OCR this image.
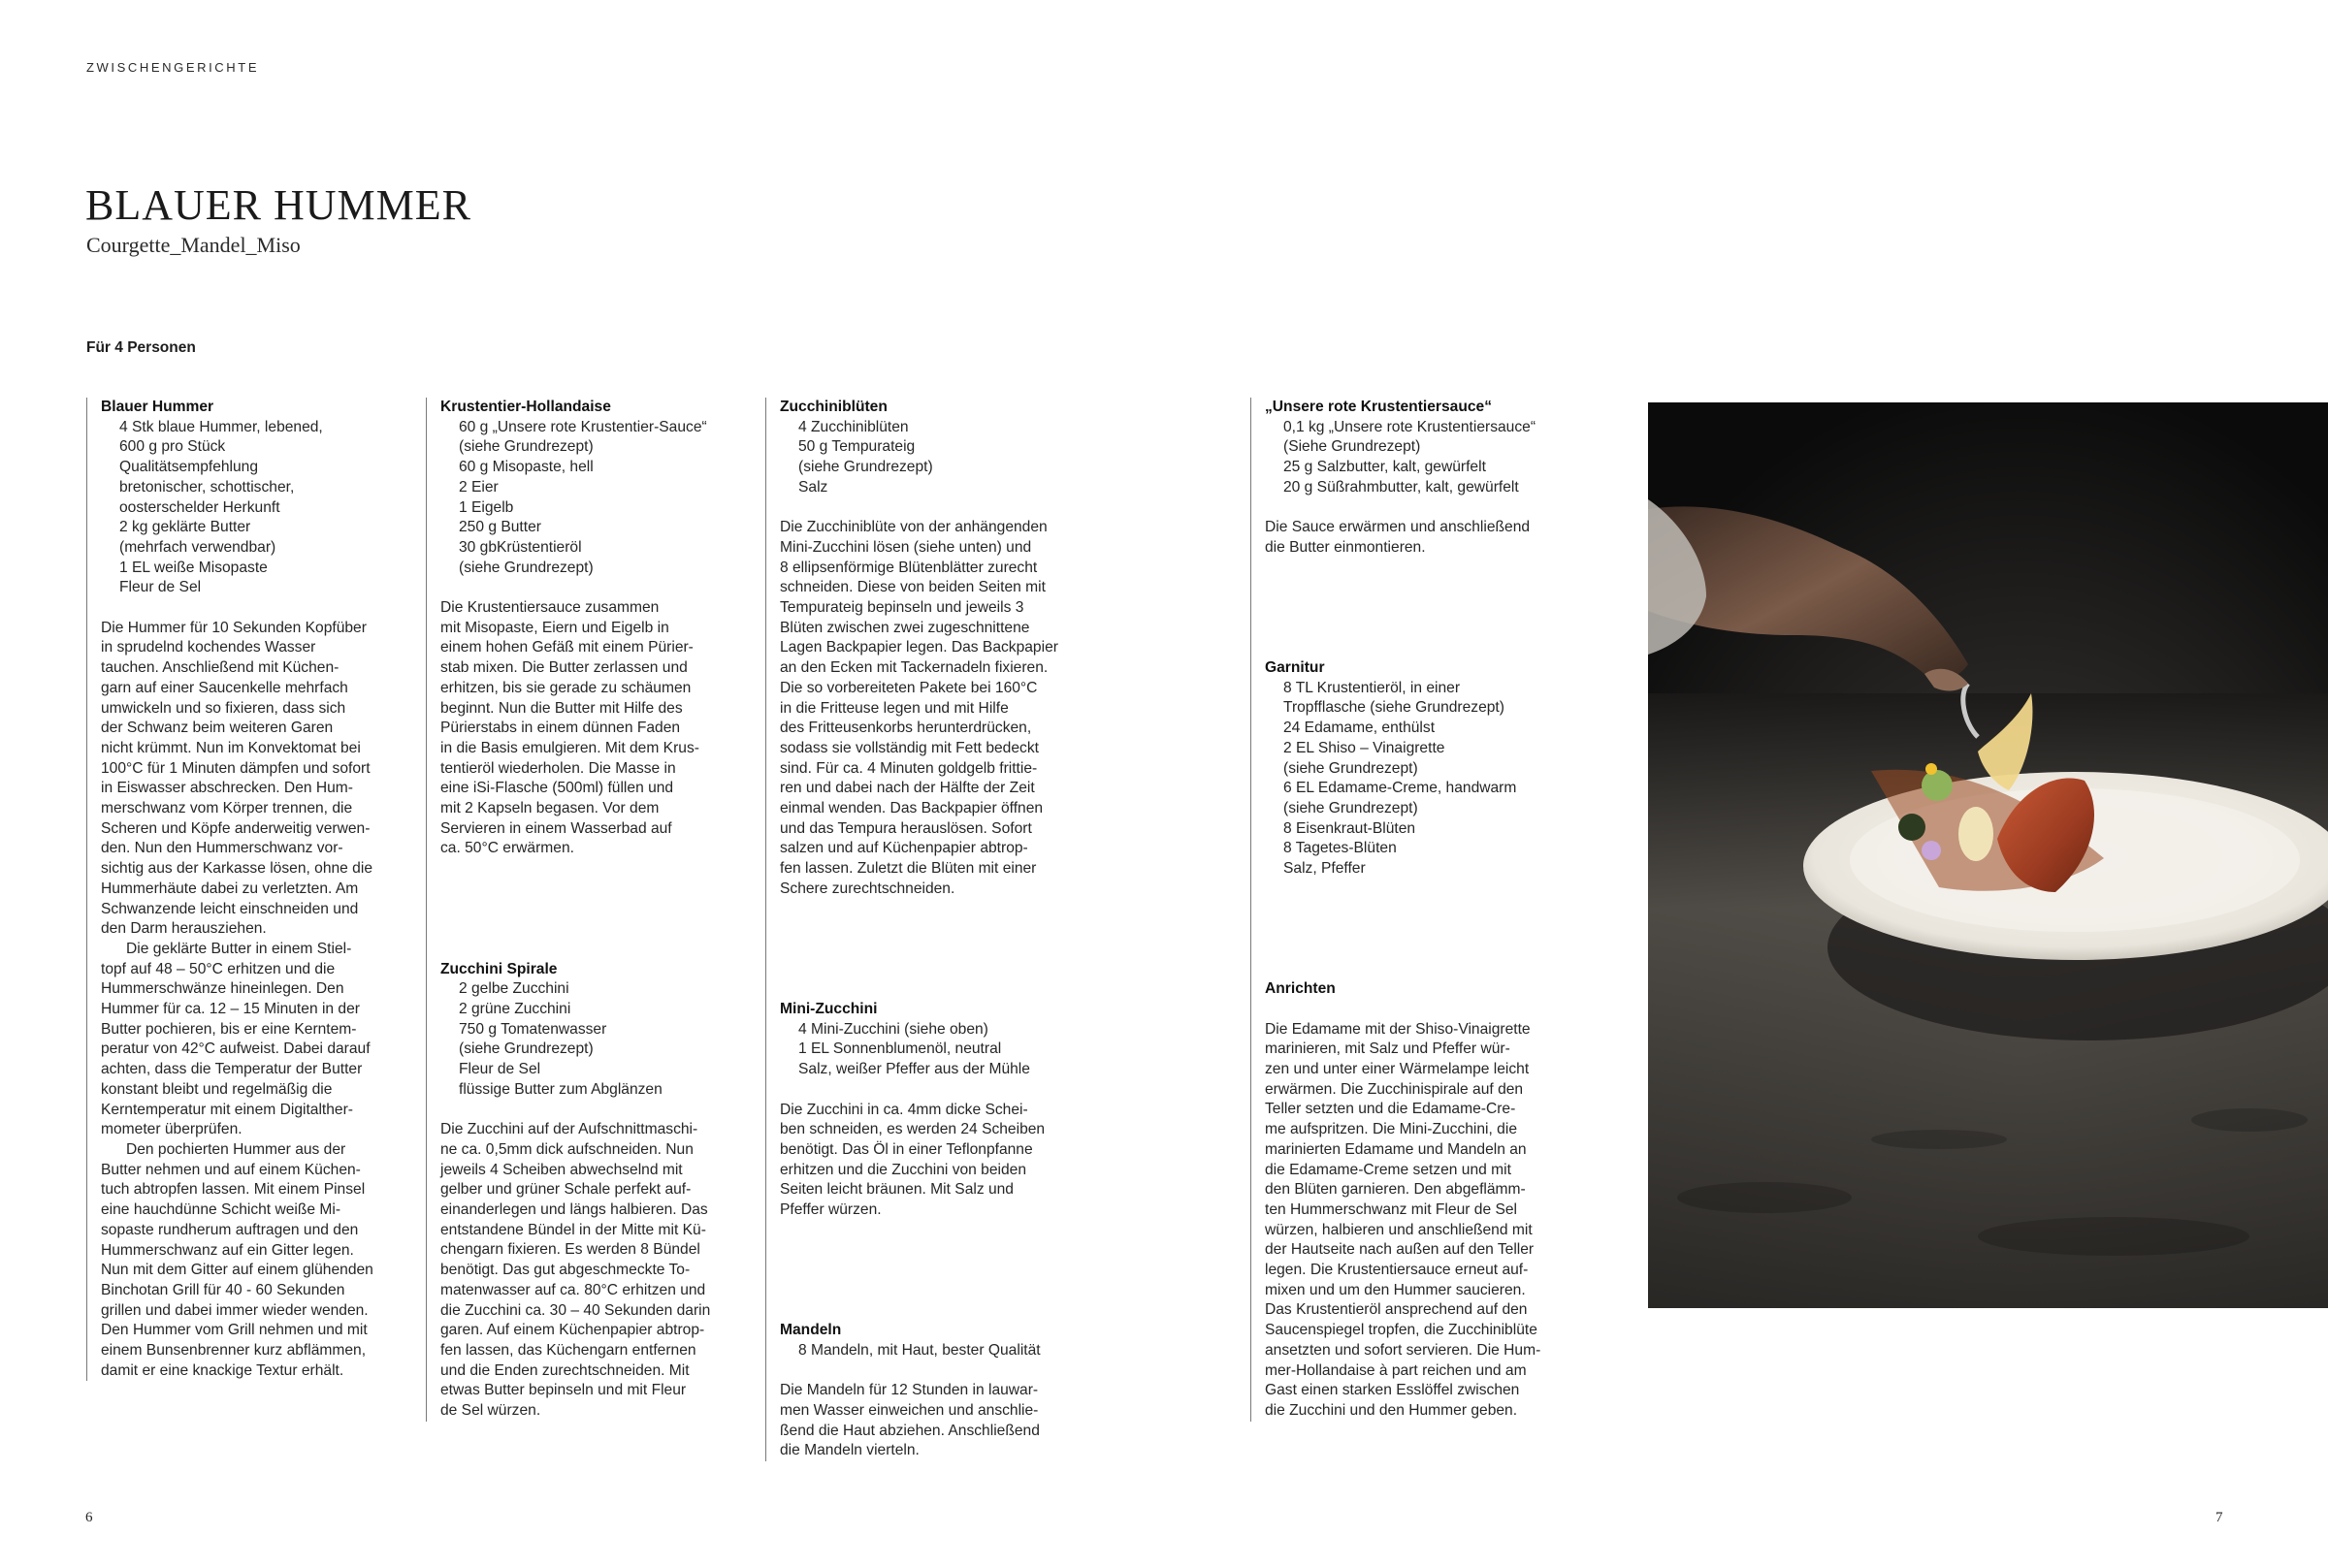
ZWISCHENGERICHTE
BLAUER HUMMER
Courgette_Mandel_Miso
Für 4 Personen
Blauer Hummer
4 Stk blaue Hummer, lebened,
600 g pro Stück
Qualitätsempfehlung
bretonischer, schottischer,
oosterschelder Herkunft
2 kg geklärte Butter
(mehrfach verwendbar)
1 EL weiße Misopaste
Fleur de Sel
Die Hummer für 10 Sekunden Kopfüber
in sprudelnd kochendes Wasser
tauchen. Anschließend mit Küchen-
garn auf einer Saucenkelle mehrfach
umwickeln und so fixieren, dass sich
der Schwanz beim weiteren Garen
nicht krümmt. Nun im Konvektomat bei
100°C für 1 Minuten dämpfen und sofort
in Eiswasser abschrecken. Den Hum-
merschwanz vom Körper trennen, die
Scheren und Köpfe anderweitig verwen-
den. Nun den Hummerschwanz vor-
sichtig aus der Karkasse lösen, ohne die
Hummerhäute dabei zu verletzten. Am
Schwanzende leicht einschneiden und
den Darm herausziehen.
Die geklärte Butter in einem Stiel-
topf auf 48 – 50°C erhitzen und die
Hummerschwänze hineinlegen. Den
Hummer für ca. 12 – 15 Minuten in der
Butter pochieren, bis er eine Kerntem-
peratur von 42°C aufweist. Dabei darauf
achten, dass die Temperatur der Butter
konstant bleibt und regelmäßig die
Kerntemperatur mit einem Digitalther-
mometer überprüfen.
Den pochierten Hummer aus der
Butter nehmen und auf einem Küchen-
tuch abtropfen lassen. Mit einem Pinsel
eine hauchdünne Schicht weiße Mi-
sopaste rundherum auftragen und den
Hummerschwanz auf ein Gitter legen.
Nun mit dem Gitter auf einem glühenden
Binchotan Grill für 40 - 60 Sekunden
grillen und dabei immer wieder wenden.
Den Hummer vom Grill nehmen und mit
einem Bunsenbrenner kurz abflämmen,
damit er eine knackige Textur erhält.
Krustentier-Hollandaise
60 g „Unsere rote Krustentier-Sauce“
(siehe Grundrezept)
60 g Misopaste, hell
2 Eier
1 Eigelb
250 g Butter
30 gbKrüstentieröl
(siehe Grundrezept)
Die Krustentiersauce zusammen
mit Misopaste, Eiern und Eigelb in
einem hohen Gefäß mit einem Pürier-
stab mixen. Die Butter zerlassen und
erhitzen, bis sie gerade zu schäumen
beginnt. Nun die Butter mit Hilfe des
Pürierstabs in einem dünnen Faden
in die Basis emulgieren. Mit dem Krus-
tentieröl wiederholen. Die Masse in
eine iSi-Flasche (500ml) füllen und
mit 2 Kapseln begasen. Vor dem
Servieren in einem Wasserbad auf
ca. 50°C erwärmen.
Zucchini Spirale
2 gelbe Zucchini
2 grüne Zucchini
750 g Tomatenwasser
(siehe Grundrezept)
Fleur de Sel
flüssige Butter zum Abglänzen
Die Zucchini auf der Aufschnittmaschi-
ne ca. 0,5mm dick aufschneiden. Nun
jeweils 4 Scheiben abwechselnd mit
gelber und grüner Schale perfekt auf-
einanderlegen und längs halbieren. Das
entstandene Bündel in der Mitte mit Kü-
chengarn fixieren. Es werden 8 Bündel
benötigt. Das gut abgeschmeckte To-
matenwasser auf ca. 80°C erhitzen und
die Zucchini ca. 30 – 40 Sekunden darin
garen. Auf einem Küchenpapier abtrop-
fen lassen, das Küchengarn entfernen
und die Enden zurechtschneiden. Mit
etwas Butter bepinseln und mit Fleur
de Sel würzen.
Zucchiniblüten
4 Zucchiniblüten
50 g Tempurateig
(siehe Grundrezept)
Salz
Die Zucchiniblüte von der anhängenden
Mini-Zucchini lösen (siehe unten) und
8 ellipsenförmige Blütenblätter zurecht
schneiden. Diese von beiden Seiten mit
Tempurateig bepinseln und jeweils 3
Blüten zwischen zwei zugeschnittene
Lagen Backpapier legen. Das Backpapier
an den Ecken mit Tackernadeln fixieren.
Die so vorbereiteten Pakete bei 160°C
in die Fritteuse legen und mit Hilfe
des Fritteusenkorbs herunterdrücken,
sodass sie vollständig mit Fett bedeckt
sind. Für ca. 4 Minuten goldgelb frittie-
ren und dabei nach der Hälfte der Zeit
einmal wenden. Das Backpapier öffnen
und das Tempura herauslösen. Sofort
salzen und auf Küchenpapier abtrop-
fen lassen. Zuletzt die Blüten mit einer
Schere zurechtschneiden.
Mini-Zucchini
4 Mini-Zucchini (siehe oben)
1 EL Sonnenblumenöl, neutral
Salz, weißer Pfeffer aus der Mühle
Die Zucchini in ca. 4mm dicke Schei-
ben schneiden, es werden 24 Scheiben
benötigt. Das Öl in einer Teflonpfanne
erhitzen und die Zucchini von beiden
Seiten leicht bräunen. Mit Salz und
Pfeffer würzen.
Mandeln
8 Mandeln, mit Haut, bester Qualität
Die Mandeln für 12 Stunden in lauwar-
men Wasser einweichen und anschlie-
ßend die Haut abziehen. Anschließend
die Mandeln vierteln.
„Unsere rote Krustentiersauce“
0,1 kg „Unsere rote Krustentiersauce“
(Siehe Grundrezept)
25 g Salzbutter, kalt, gewürfelt
20 g Süßrahmbutter, kalt, gewürfelt
Die Sauce erwärmen und anschließend
die Butter einmontieren.
Garnitur
8 TL Krustentieröl, in einer
Tropfflasche (siehe Grundrezept)
24 Edamame, enthülst
2 EL Shiso – Vinaigrette
(siehe Grundrezept)
6 EL Edamame-Creme, handwarm
(siehe Grundrezept)
8 Eisenkraut-Blüten
8 Tagetes-Blüten
Salz, Pfeffer
Anrichten
Die Edamame mit der Shiso-Vinaigrette
marinieren, mit Salz und Pfeffer wür-
zen und unter einer Wärmelampe leicht
erwärmen. Die Zucchinispirale auf den
Teller setzten und die Edamame-Cre-
me aufspritzen. Die Mini-Zucchini, die
marinierten Edamame und Mandeln an
die Edamame-Creme setzen und mit
den Blüten garnieren. Den abgeflämm-
ten Hummerschwanz mit Fleur de Sel
würzen, halbieren und anschließend mit
der Hautseite nach außen auf den Teller
legen. Die Krustentiersauce erneut auf-
mixen und um den Hummer saucieren.
Das Krustentieröl ansprechend auf den
Saucenspiegel tropfen, die Zucchiniblüte
ansetzten und sofort servieren. Die Hum-
mer-Hollandaise à part reichen und am
Gast einen starken Esslöffel zwischen
die Zucchini und den Hummer geben.
6	7
